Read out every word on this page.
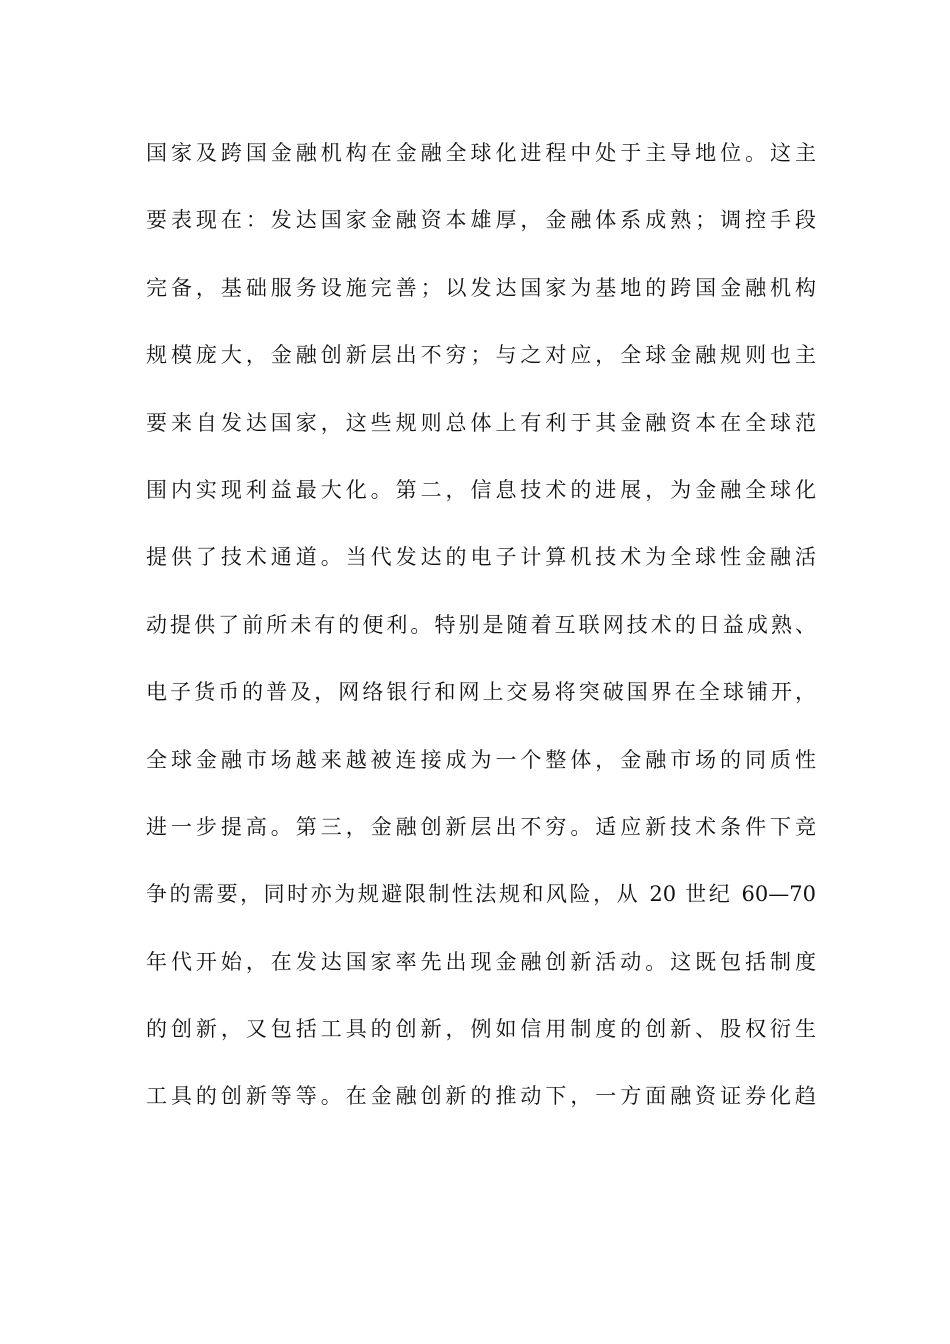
国家及跨国金融机构在金融全球化进程中处于主导地位。这主
要表现在：发达国家金融资本雄厚，金融体系成熟；调控手段
完备，基础服务设施完善；以发达国家为基地的跨国金融机构
规模庞大，金融创新层出不穷；与之对应，全球金融规则也主
要来自发达国家，这些规则总体上有利于其金融资本在全球范
围内实现利益最大化。第二，信息技术的进展，为金融全球化
提供了技术通道。当代发达的电子计算机技术为全球性金融活
动提供了前所未有的便利。特别是随着互联网技术的日益成熟、
电子货币的普及，网络银行和网上交易将突破国界在全球铺开，
全球金融市场越来越被连接成为一个整体，金融市场的同质性
进一步提高。第三，金融创新层出不穷。适应新技术条件下竞
争的需要，同时亦为规避限制性法规和风险，从 20 世纪 60—70
年代开始，在发达国家率先出现金融创新活动。这既包括制度
的创新，又包括工具的创新，例如信用制度的创新、股权衍生
工具的创新等等。在金融创新的推动下，一方面融资证券化趋
